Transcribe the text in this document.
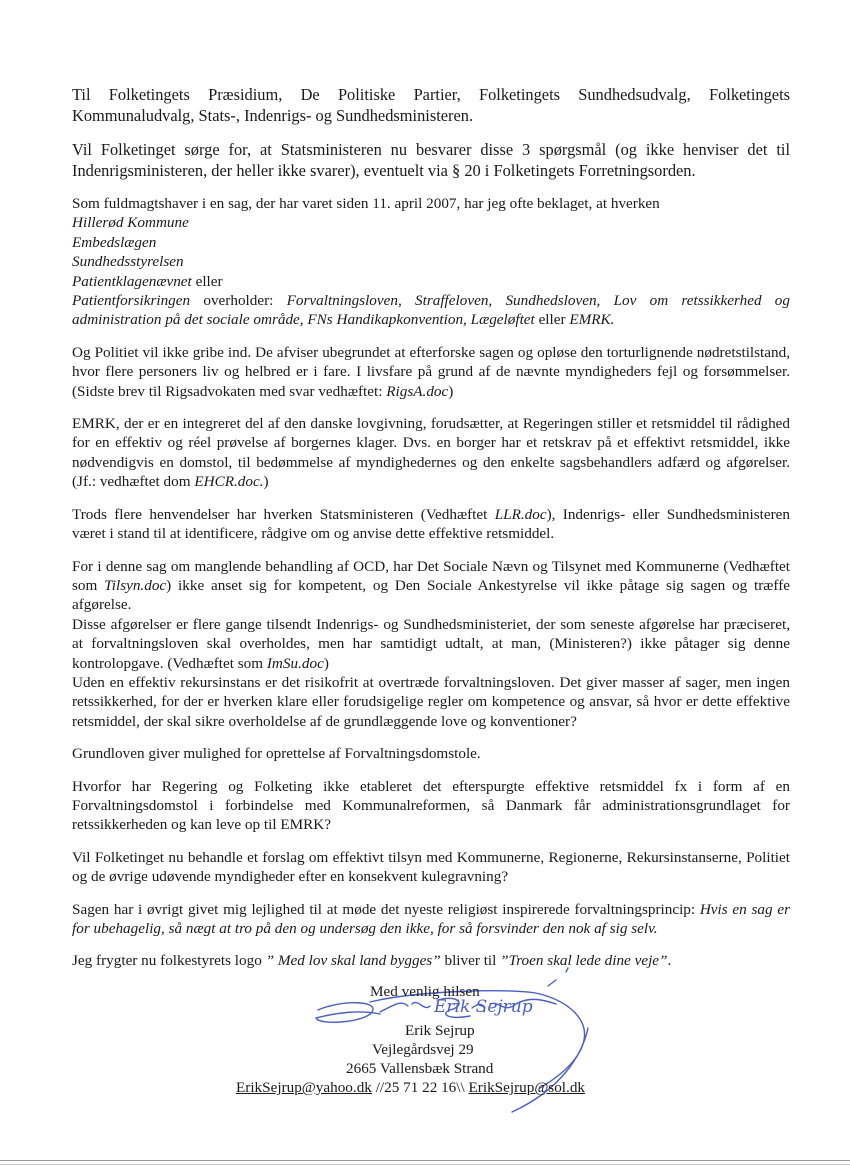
Til Folketingets Præsidium, De Politiske Partier, Folketingets Sundhedsudvalg, Folketingets Kommunaludvalg, Stats-, Indenrigs- og Sundhedsministeren.

Vil Folketinget sørge for, at Statsministeren nu besvarer disse 3 spørgsmål (og ikke henviser det til Indenrigsministeren, der heller ikke svarer), eventuelt via § 20 i Folketingets Forretningsorden.

Som fuldmagtshaver i en sag, der har varet siden 11. april 2007, har jeg ofte beklaget, at hverken

Hillerød Kommune

Embedslægen

Sundhedsstyrelsen

Patientklagenævnet eller

Patientforsikringen overholder: Forvaltningsloven, Straffeloven, Sundhedsloven, Lov om retssikkerhed og administration på det sociale område, FNs Handikapkonvention, Lægeløftet eller EMRK.

Og Politiet vil ikke gribe ind. De afviser ubegrundet at efterforske sagen og opløse den torturlignende nødretstilstand, hvor flere personers liv og helbred er i fare. I livsfare på grund af de nævnte myndigheders fejl og forsømmelser. (Sidste brev til Rigsadvokaten med svar vedhæftet: RigsA.doc)

EMRK, der er en integreret del af den danske lovgivning, forudsætter, at Regeringen stiller et retsmiddel til rådighed for en effektiv og réel prøvelse af borgernes klager. Dvs. en borger har et retskrav på et effektivt retsmiddel, ikke nødvendigvis en domstol, til bedømmelse af myndighedernes og den enkelte sagsbehandlers adfærd og afgørelser. (Jf.: vedhæftet dom EHCR.doc.)

Trods flere henvendelser har hverken Statsministeren (Vedhæftet LLR.doc), Indenrigs- eller Sundhedsministeren været i stand til at identificere, rådgive om og anvise dette effektive retsmiddel.

For i denne sag om manglende behandling af OCD, har Det Sociale Nævn og Tilsynet med Kommunerne (Vedhæftet som Tilsyn.doc) ikke anset sig for kompetent, og Den Sociale Ankestyrelse vil ikke påtage sig sagen og træffe afgørelse.

Disse afgørelser er flere gange tilsendt Indenrigs- og Sundhedsministeriet, der som seneste afgørelse har præciseret, at forvaltningsloven skal overholdes, men har samtidigt udtalt, at man, (Ministeren?) ikke påtager sig denne kontrolopgave. (Vedhæftet som ImSu.doc)

Uden en effektiv rekursinstans er det risikofrit at overtræde forvaltningsloven. Det giver masser af sager, men ingen retssikkerhed, for der er hverken klare eller forudsigelige regler om kompetence og ansvar, så hvor er dette effektive retsmiddel, der skal sikre overholdelse af de grundlæggende love og konventioner?

Grundloven giver mulighed for oprettelse af Forvaltningsdomstole.

Hvorfor har Regering og Folketing ikke etableret det efterspurgte effektive retsmiddel fx i form af en Forvaltningsdomstol i forbindelse med Kommunalreformen, så Danmark får administrationsgrundlaget for retssikkerheden og kan leve op til EMRK?

Vil Folketinget nu behandle et forslag om effektivt tilsyn med Kommunerne, Regionerne, Rekursinstanserne, Politiet og de øvrige udøvende myndigheder efter en konsekvent kulegravning?

Sagen har i øvrigt givet mig lejlighed til at møde det nyeste religiøst inspirerede forvaltningsprincip: Hvis en sag er for ubehagelig, så nægt at tro på den og undersøg den ikke, for så forsvinder den nok af sig selv.

Jeg frygter nu folkestyrets logo ” Med lov skal land bygges” bliver til ”Troen skal lede dine veje”.

Erik Sejrup
Med venlig hilsen
Erik Sejrup
Vejlegårdsvej 29
2665 Vallensbæk Strand
ErikSejrup@yahoo.dk //25 71 22 16\\ ErikSejrup@sol.dk
